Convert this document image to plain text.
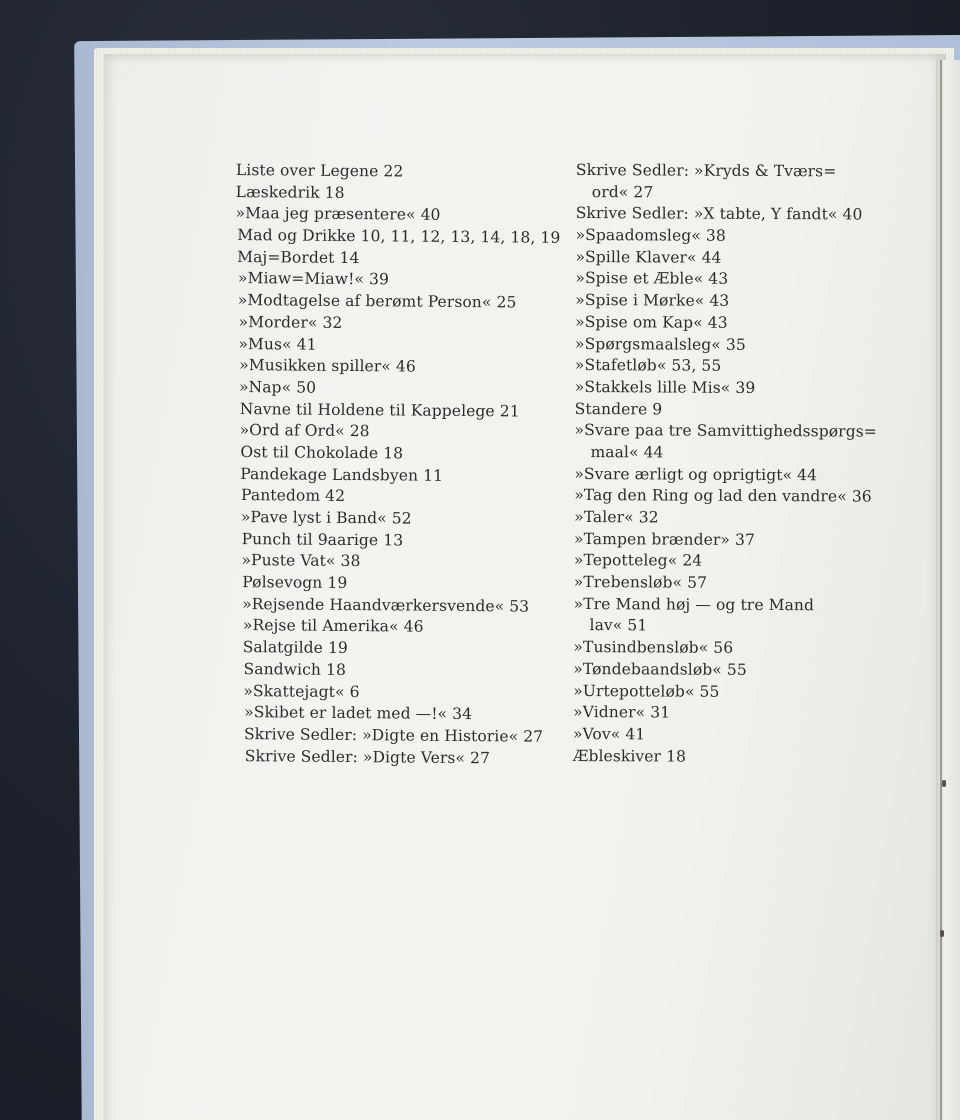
Liste over Legene 22
Læskedrik 18
»Maa jeg præsentere« 40
Mad og Drikke 10, 11, 12, 13, 14, 18, 19
Maj=Bordet 14
»Miaw=Miaw!« 39
»Modtagelse af berømt Person« 25
»Morder« 32
»Mus« 41
»Musikken spiller« 46
»Nap« 50
Navne til Holdene til Kappelege 21
»Ord af Ord« 28
Ost til Chokolade 18
Pandekage Landsbyen 11
Pantedom 42
»Pave lyst i Band« 52
Punch til 9aarige 13
»Puste Vat« 38
Pølsevogn 19
»Rejsende Haandværkersvende« 53
»Rejse til Amerika« 46
Salatgilde 19
Sandwich 18
»Skattejagt« 6
»Skibet er ladet med —!« 34
Skrive Sedler: »Digte en Historie« 27
Skrive Sedler: »Digte Vers« 27
Skrive Sedler: »Kryds & Tværs=
ord« 27
Skrive Sedler: »X tabte, Y fandt« 40
»Spaadomsleg« 38
»Spille Klaver« 44
»Spise et Æble« 43
»Spise i Mørke« 43
»Spise om Kap« 43
»Spørgsmaalsleg« 35
»Stafetløb« 53, 55
»Stakkels lille Mis« 39
Standere 9
»Svare paa tre Samvittighedsspørgs=
maal« 44
»Svare ærligt og oprigtigt« 44
»Tag den Ring og lad den vandre« 36
»Taler« 32
»Tampen brænder» 37
»Tepottelеg« 24
»Trebensløb« 57
»Tre Mand høj — og tre Mand
lav« 51
»Tusindbensløb« 56
»Tøndebaandsløb« 55
»Urtepotteløb« 55
»Vidner« 31
»Vov« 41
Æbleskiver 18
